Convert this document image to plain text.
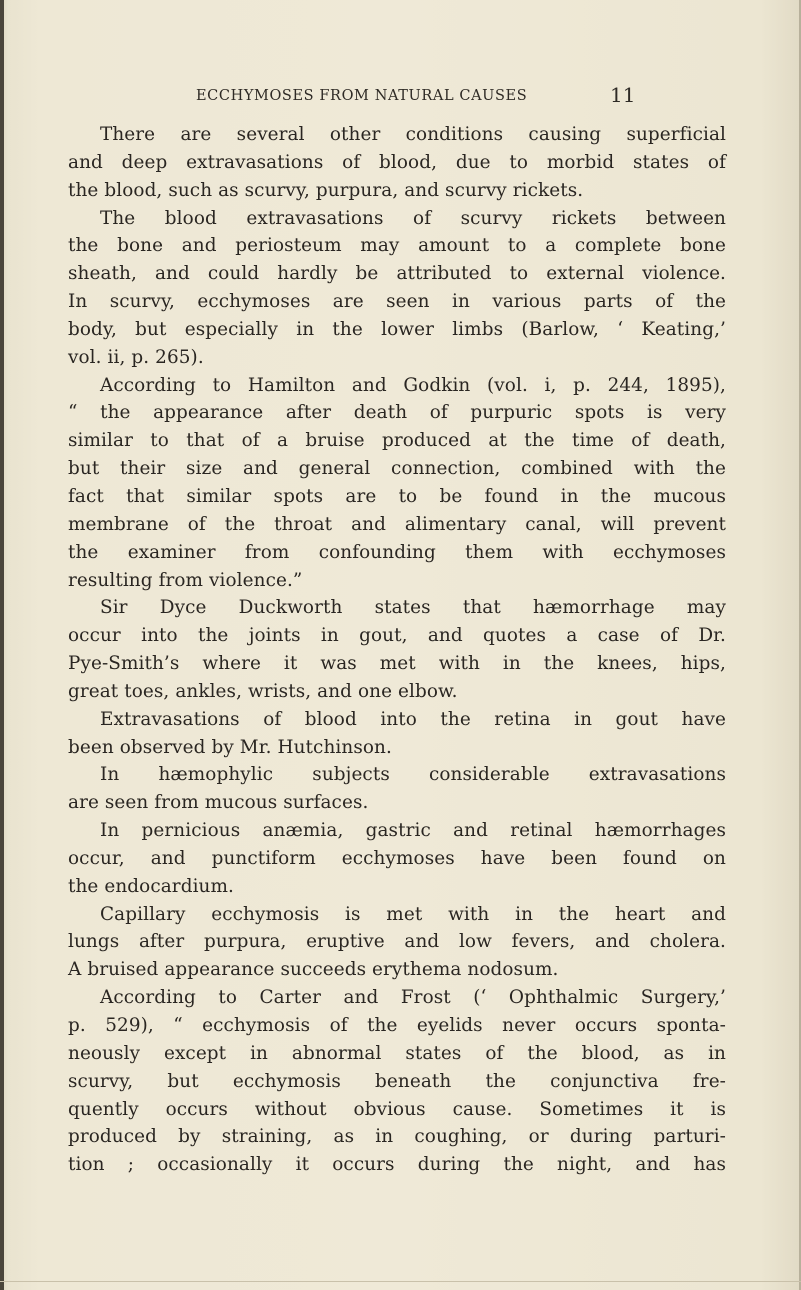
ECCHYMOSES FROM NATURAL CAUSES	11
There are several other conditions causing superficial
and deep extravasations of blood, due to morbid states of
the blood, such as scurvy, purpura, and scurvy rickets.
The blood extravasations of scurvy rickets between
the bone and periosteum may amount to a complete bone
sheath, and could hardly be attributed to external violence.
In scurvy, ecchymoses are seen in various parts of the
body, but especially in the lower limbs (Barlow, ‘ Keating,’
vol. ii, p. 265).
According to Hamilton and Godkin (vol. i, p. 244, 1895),
“ the appearance after death of purpuric spots is very
similar to that of a bruise produced at the time of death,
but their size and general connection, combined with the
fact that similar spots are to be found in the mucous
membrane of the throat and alimentary canal, will prevent
the examiner from confounding them with ecchymoses
resulting from violence.”
Sir Dyce Duckworth states that hæmorrhage may
occur into the joints in gout, and quotes a case of Dr.
Pye-Smith’s where it was met with in the knees, hips,
great toes, ankles, wrists, and one elbow.
Extravasations of blood into the retina in gout have
been observed by Mr. Hutchinson.
In hæmophylic subjects considerable extravasations
are seen from mucous surfaces.
In pernicious anæmia, gastric and retinal hæmorrhages
occur, and punctiform ecchymoses have been found on
the endocardium.
Capillary ecchymosis is met with in the heart and
lungs after purpura, eruptive and low fevers, and cholera.
A bruised appearance succeeds erythema nodosum.
According to Carter and Frost (‘ Ophthalmic Surgery,’
p. 529), “ ecchymosis of the eyelids never occurs sponta-
neously except in abnormal states of the blood, as in
scurvy, but ecchymosis beneath the conjunctiva fre-
quently occurs without obvious cause. Sometimes it is
produced by straining, as in coughing, or during parturi-
tion ; occasionally it occurs during the night, and has
